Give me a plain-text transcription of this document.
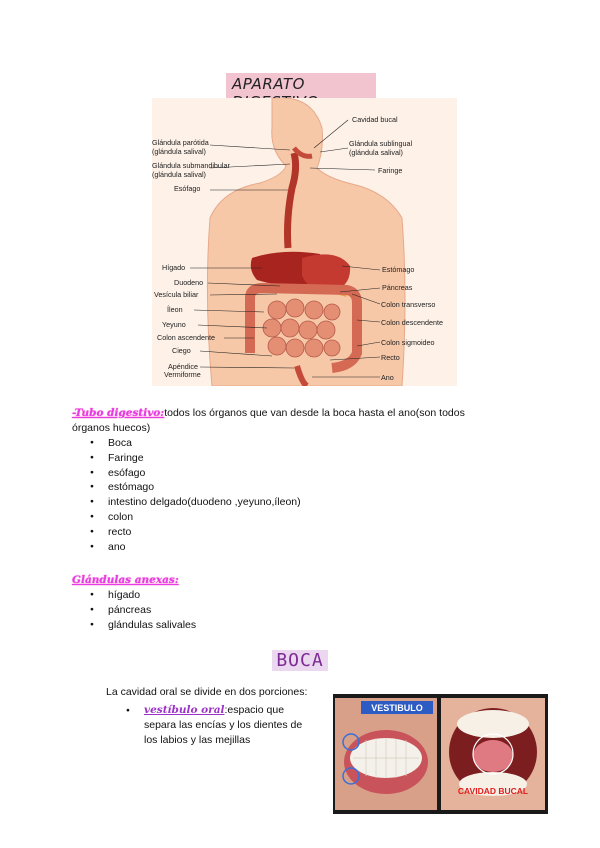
APARATO
Glándula parótida
(glándula salival)
Glándula submandibular
(glándula salival)
Esófago
Hígado
Duodeno
Vesícula biliar
Íleon
Yeyuno
Colon ascendente
Ciego
Apéndice
Vermiforme
Cavidad bucal
Glándula sublingual
(glándula salival)
Faringe
Estómago
Páncreas
Colon transverso
Colon descendente
Colon sigmoideo
Recto
Ano
-Tubo digestivo:todos los órganos que van desde la boca hasta el ano(son todos
órganos huecos)
● Boca
● Faringe
● esófago
● estómago
● intestino delgado(duodeno ,yeyuno,íleon)
● colon
● recto
● ano
Glándulas anexas:
● hígado
● páncreas
● glándulas salivales
BOCA
La cavidad oral se divide en dos porciones:
●	vestíbulo oral:espacio que separa las encías y los dientes de los labios y las mejillas
VESTIBULO
CAVIDAD BUCAL
